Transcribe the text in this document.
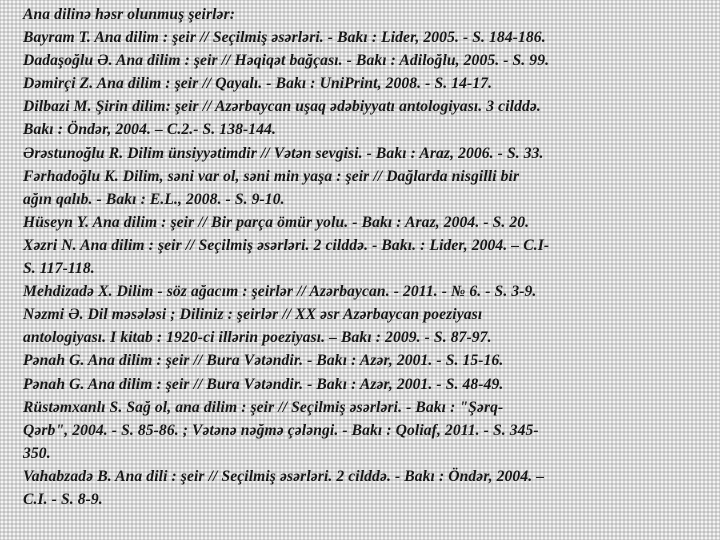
Ana dilinə həsr olunmuş şeirlər:
Bayram T. Ana dilim : şeir // Seçilmiş əsərləri. - Bakı : Lider, 2005. - S. 184-186.
Dadaşoğlu Ə. Ana dilim : şeir // Həqiqət bağçası. - Bakı : Adiloğlu, 2005. - S. 99.
Dəmirçi Z. Ana dilim : şeir // Qayalı. - Bakı : UniPrint, 2008. - S. 14-17.
Dilbazi M. Şirin dilim: şeir // Azərbaycan uşaq ədəbiyyatı antologiyası. 3 cilddə.
Bakı : Öndər, 2004. – C.2.- S. 138-144.
Ərəstunoğlu R. Dilim ünsiyyətimdir // Vətən sevgisi. - Bakı : Araz, 2006. - S. 33.
Fərhadoğlu K. Dilim, səni var ol, səni min yaşa : şeir // Dağlarda nisgilli bir
ağın qalıb. - Bakı : E.L., 2008. - S. 9-10.
Hüseyn Y. Ana dilim : şeir // Bir parça ömür yolu. - Bakı : Araz, 2004. - S. 20.
Xəzri N. Ana dilim : şeir // Seçilmiş əsərləri. 2 cilddə. - Bakı. : Lider, 2004. – C.I-
S. 117-118.
Mehdizadə X. Dilim - söz ağacım : şeirlər // Azərbaycan. - 2011. - № 6. - S. 3-9.
Nəzmi Ə. Dil məsələsi ; Diliniz : şeirlər // XX əsr Azərbaycan poeziyası
antologiyası. I kitab : 1920-ci illərin poeziyası. – Bakı : 2009. - S. 87-97.
Pənah G. Ana dilim : şeir // Bura Vətəndir. - Bakı : Azər, 2001. - S. 15-16.
Pənah G. Ana dilim : şeir // Bura Vətəndir. - Bakı : Azər, 2001. - S. 48-49.
Rüstəmxanlı S. Sağ ol, ana dilim : şeir // Seçilmiş əsərləri. - Bakı : "Şərq-
Qərb", 2004. - S. 85-86. ; Vətənə nəğmə çələngi. - Bakı : Qoliaf, 2011. - S. 345-
350.
Vahabzadə B. Ana dili : şeir // Seçilmiş əsərləri. 2 cilddə. - Bakı : Öndər, 2004. –
C.I. - S. 8-9.
